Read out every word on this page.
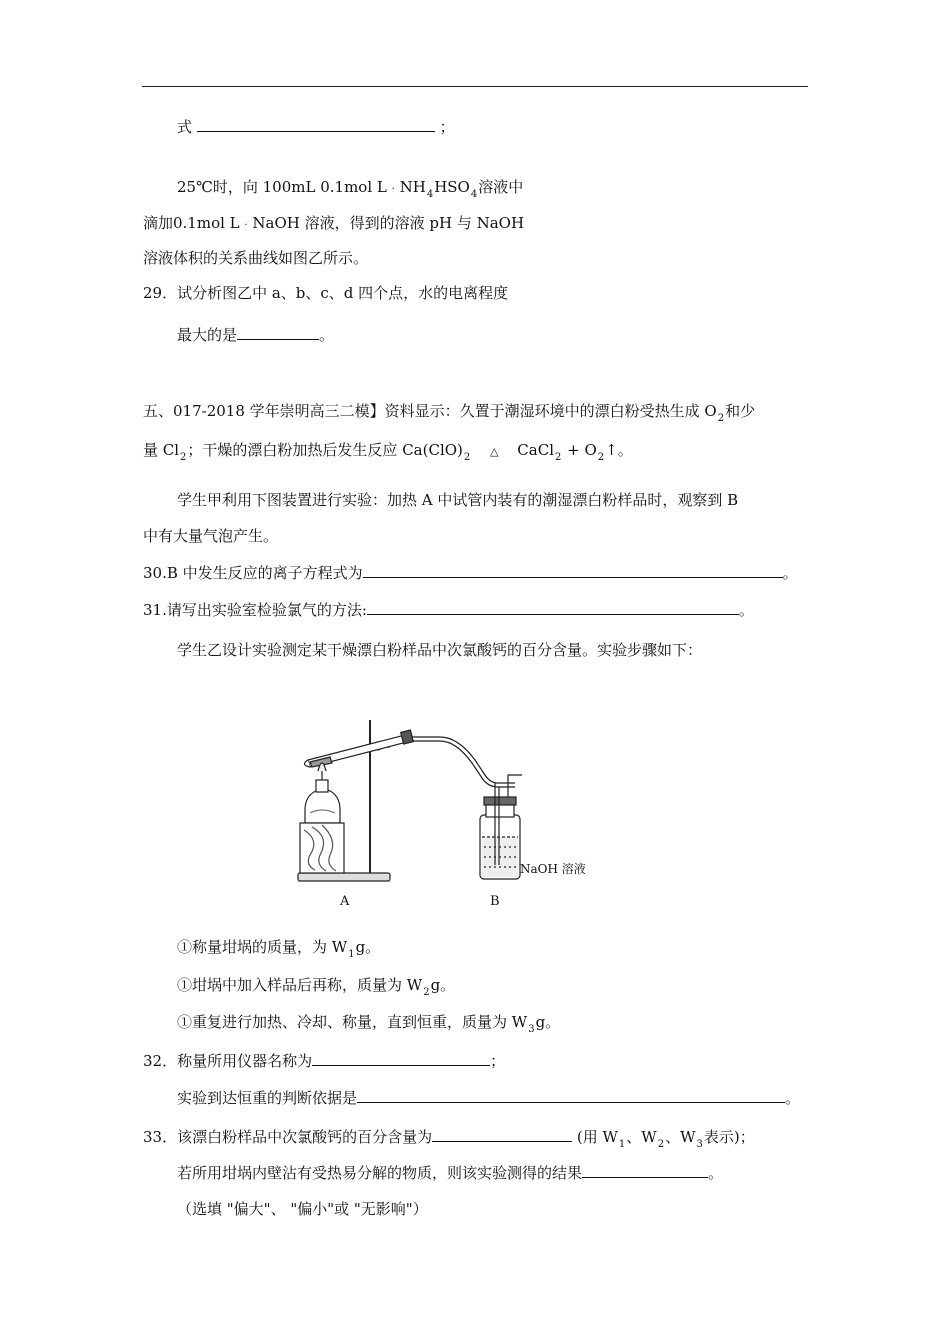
式	；
25℃时，向 100mL 0.1mol $L \cdot NH_4HSO_4$溶液中
滴加0.1mol L · NaOH 溶液，得到的溶液 pH 与 NaOH
溶液体积的关系曲线如图乙所示。
29．试分析图乙中 a、b、c、d 四个点，水的电离程度
最大的是	。
五、017-2018 学年崇明高三二模】资料显示：久置于潮湿环境中的漂白粉受热生成 $O_2$和少
量 $Cl_2$；干燥的漂白粉加热后发生反应 $Ca(ClO)_2$ △ CaCl$_2$ + $O_2↑$。
学生甲利用下图装置进行实验：加热 A 中试管内装有的潮湿漂白粉样品时，观察到 B
中有大量气泡产生。
30.B 中发生反应的离子方程式为	。
31.请写出实验室检验氯气的方法:	。
学生乙设计实验测定某干燥漂白粉样品中次氯酸钙的百分含量。实验步骤如下：
A	B
NaOH 溶液
①称量坩埚的质量，为 $W_1g$。
①坩埚中加入样品后再称，质量为 $W_2g$。
①重复进行加热、冷却、称量，直到恒重，质量为 $W_3g$。
32．称量所用仪器名称为	；
实验到达恒重的判断依据是	。
33．该漂白粉样品中次氯酸钙的百分含量为	(用 $W_1$、$W_2$、$W_3$表示)；
若所用坩埚内壁沾有受热易分解的物质，则该实验测得的结果	。
（选填 "偏大"、 "偏小"或 "无影响"）
